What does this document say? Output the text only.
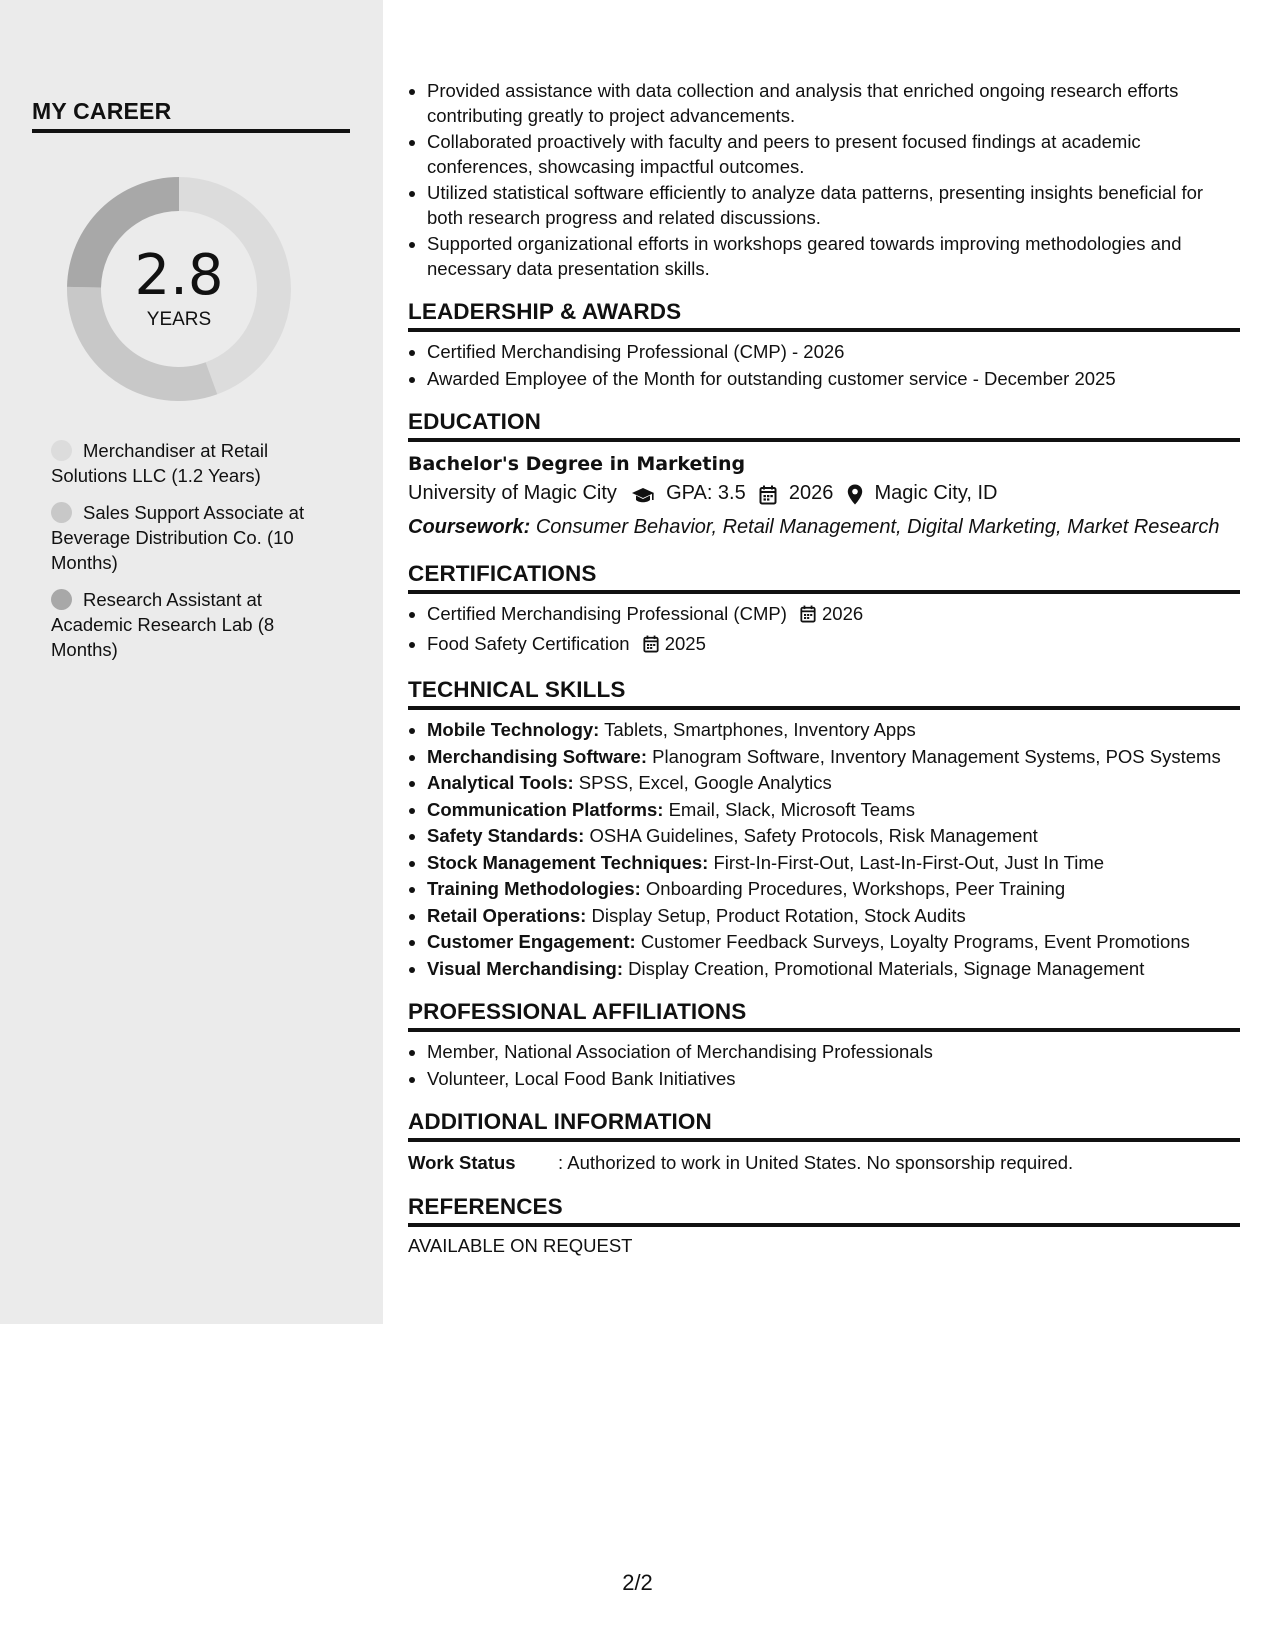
MY CAREER
2.8
YEARS
Merchandiser at Retail Solutions LLC (1.2 Years)
Sales Support Associate at Beverage Distribution Co. (10 Months)
Research Assistant at Academic Research Lab (8 Months)
• Provided assistance with data collection and analysis that enriched ongoing research efforts contributing greatly to project advancements.
• Collaborated proactively with faculty and peers to present focused findings at academic conferences, showcasing impactful outcomes.
• Utilized statistical software efficiently to analyze data patterns, presenting insights beneficial for both research progress and related discussions.
• Supported organizational efforts in workshops geared towards improving methodologies and necessary data presentation skills.
LEADERSHIP & AWARDS
• Certified Merchandising Professional (CMP) - 2026
• Awarded Employee of the Month for outstanding customer service - December 2025
EDUCATION
Bachelor's Degree in Marketing
University of Magic City GPA: 3.5 2026 Magic City, ID
Coursework: Consumer Behavior, Retail Management, Digital Marketing, Market Research
CERTIFICATIONS
• Certified Merchandising Professional (CMP) 2026
• Food Safety Certification 2025
TECHNICAL SKILLS
• Mobile Technology: Tablets, Smartphones, Inventory Apps
• Merchandising Software: Planogram Software, Inventory Management Systems, POS Systems
• Analytical Tools: SPSS, Excel, Google Analytics
• Communication Platforms: Email, Slack, Microsoft Teams
• Safety Standards: OSHA Guidelines, Safety Protocols, Risk Management
• Stock Management Techniques: First-In-First-Out, Last-In-First-Out, Just In Time
• Training Methodologies: Onboarding Procedures, Workshops, Peer Training
• Retail Operations: Display Setup, Product Rotation, Stock Audits
• Customer Engagement: Customer Feedback Surveys, Loyalty Programs, Event Promotions
• Visual Merchandising: Display Creation, Promotional Materials, Signage Management
PROFESSIONAL AFFILIATIONS
• Member, National Association of Merchandising Professionals
• Volunteer, Local Food Bank Initiatives
ADDITIONAL INFORMATION
Work Status : Authorized to work in United States. No sponsorship required.
REFERENCES
AVAILABLE ON REQUEST
2/2
